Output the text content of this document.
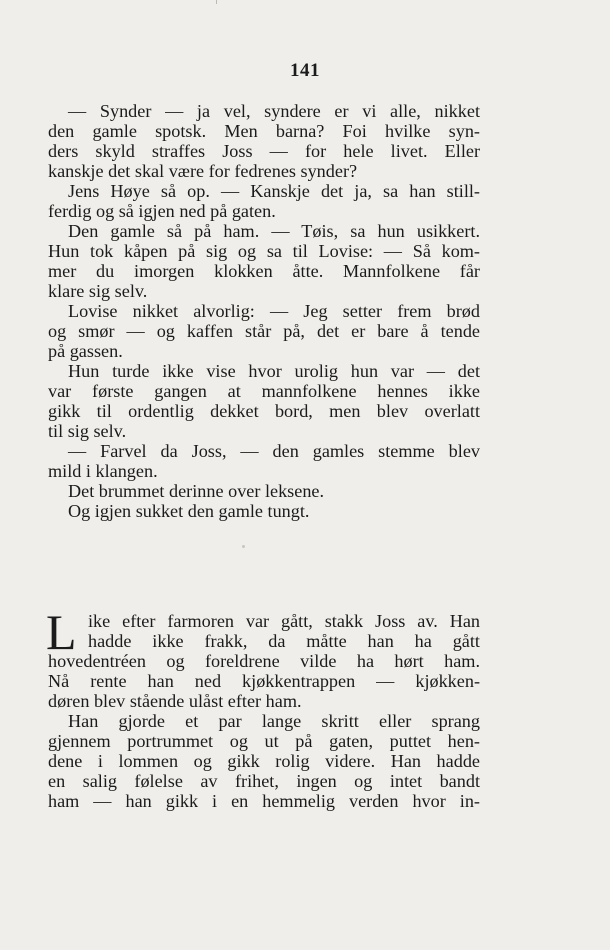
141
— Synder — ja vel, syndere er vi alle, nikket
den gamle spotsk. Men barna? Foi hvilke syn-
ders skyld straffes Joss — for hele livet. Eller
kanskje det skal være for fedrenes synder?
Jens Høye så op. — Kanskje det ja, sa han still-
ferdig og så igjen ned på gaten.
Den gamle så på ham. — Tøis, sa hun usikkert.
Hun tok kåpen på sig og sa til Lovise: — Så kom-
mer du imorgen klokken åtte. Mannfolkene får
klare sig selv.
Lovise nikket alvorlig: — Jeg setter frem brød
og smør — og kaffen står på, det er bare å tende
på gassen.
Hun turde ikke vise hvor urolig hun var — det
var første gangen at mannfolkene hennes ikke
gikk til ordentlig dekket bord, men blev overlatt
til sig selv.
— Farvel da Joss, — den gamles stemme blev
mild i klangen.
Det brummet derinne over leksene.
Og igjen sukket den gamle tungt.
L ike efter farmoren var gått, stakk Joss av. Han
hadde ikke frakk, da måtte han ha gått
hovedentréen og foreldrene vilde ha hørt ham.
Nå rente han ned kjøkkentrappen — kjøkken-
døren blev stående ulåst efter ham.
Han gjorde et par lange skritt eller sprang
gjennem portrummet og ut på gaten, puttet hen-
dene i lommen og gikk rolig videre. Han hadde
en salig følelse av frihet, ingen og intet bandt
ham — han gikk i en hemmelig verden hvor in-
